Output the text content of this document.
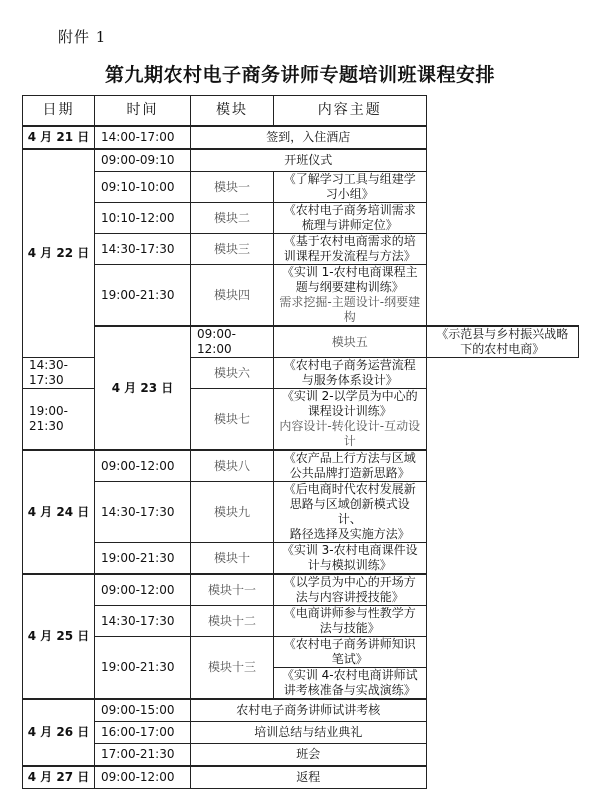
附件 1
第九期农村电子商务讲师专题培训班课程安排
日期	时间	模块	内容主题	
4 月 21 日	14:00-17:00	签到，入住酒店		
4 月 22 日	09:00-09:10	开班仪式		
	09:10-10:00	模块一	《了解学习工具与组建学习小组》	
	10:10-12:00	模块二	《农村电子商务培训需求梳理与讲师定位》	
	14:30-17:30	模块三	《基于农村电商需求的培训课程开发流程与方法》	
	19:00-21:30	模块四	《实训 1-农村电商课程主题与纲要建构训练》
需求挖掘-主题设计-纲要建构	

	4 月 23 日	09:00-12:00	模块五	《示范县与乡村振兴战略下的农村电商》
14:30-17:30		模块六	《农村电子商务运营流程与服务体系设计》	
19:00-21:30		模块七	《实训 2-以学员为中心的课程设计训练》
内容设计-转化设计-互动设计	

4 月 24 日	09:00-12:00	模块八	《农产品上行方法与区域公共品牌打造新思路》	
	14:30-17:30	模块九	《后电商时代农村发展新思路与区域创新模式设计、
路径选择及实施方法》	

	19:00-21:30	模块十	《实训 3-农村电商课件设计与模拟训练》	
4 月 25 日	09:00-12:00	模块十一	《以学员为中心的开场方法与内容讲授技能》	
	14:30-17:30	模块十二	《电商讲师参与性教学方法与技能》	
	19:00-21:30	模块十三	《农村电子商务讲师知识笔试》	
			《实训 4-农村电商讲师试讲考核准备与实战演练》	
4 月 26 日	09:00-15:00	农村电子商务讲师试讲考核		
	16:00-17:00	培训总结与结业典礼		
	17:00-21:30	班会		
4 月 27 日	09:00-12:00	返程		
